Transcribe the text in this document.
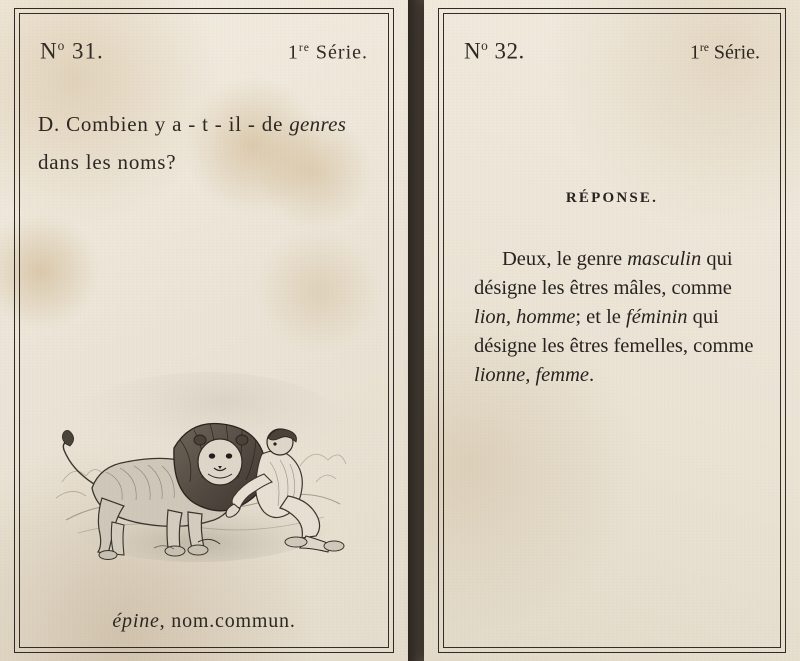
$N^o$ 31.	1re Série.
D. Combien y a - t - il - de genres
dans les noms?
épine, nom.commun.
$N^o$ 32.	1re Série.
RÉPONSE.
Deux, le genre masculin qui désigne les êtres mâles, comme lion, homme; et le féminin qui désigne les êtres femelles, comme lionne, femme.
